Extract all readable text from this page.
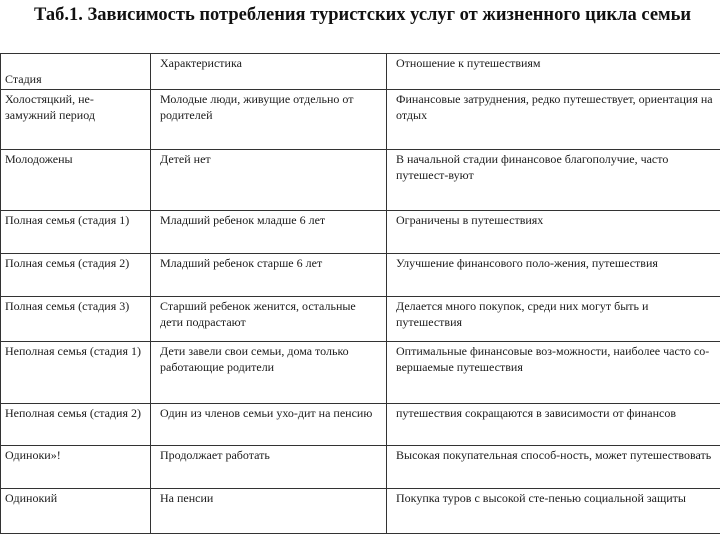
Таб.1. Зависимость потребления туристских услуг от жизненного цикла семьи
Стадия	Характеристика	Отношение к путешествиям
Холостяцкий, не-замужний период	Молодые люди, живущие отдельно от родителей	Финансовые затруднения, редко путешествует, ориентация на отдых
Молодожены	Детей нет	В начальной стадии финансовое благополучие, часто путешест-вуют
Полная семья (стадия 1)	Младший ребенок младше 6 лет	Ограничены в путешествиях
Полная семья (стадия 2)	Младший ребенок старше 6 лет	Улучшение финансового поло-жения, путешествия
Полная семья (стадия 3)	Старший ребенок женится, остальные дети подрастают	Делается много покупок, среди них могут быть и путешествия
Неполная семья (стадия 1)	Дети завели свои семьи, дома только работающие родители	Оптимальные финансовые воз-можности, наиболее часто со-вершаемые путешествия
Неполная семья (стадия 2)	Один из членов семьи ухо-дит на пенсию	путешествия сокращаются в зависимости от финансов
Одиноки»!	Продолжает работать	Высокая покупательная способ-ность, может путешествовать
Одинокий	На пенсии	Покупка туров с высокой сте-пенью социальной защиты
